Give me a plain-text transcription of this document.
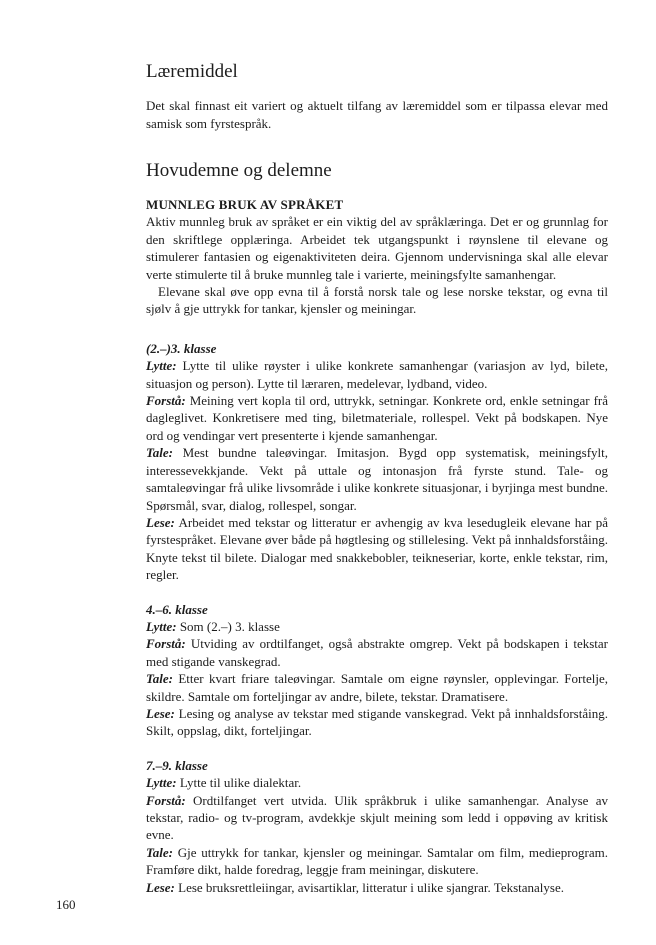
Læremiddel

Det skal finnast eit variert og aktuelt tilfang av læremiddel som er tilpassa elevar med samisk som fyrstespråk.

Hovudemne og delemne
MUNNLEG BRUK AV SPRÅKET

Aktiv munnleg bruk av språket er ein viktig del av språklæringa. Det er og grunnlag for den skriftlege opplæringa. Arbeidet tek utgangspunkt i røynslene til elevane og stimulerer fantasien og eigenaktiviteten deira. Gjennom undervisninga skal alle elevar verte stimulerte til å bruke munnleg tale i varierte, meiningsfylte samanhengar.

Elevane skal øve opp evna til å forstå norsk tale og lese norske tekstar, og evna til sjølv å gje uttrykk for tankar, kjensler og meiningar.

(2.–)3. klasse

Lytte: Lytte til ulike røyster i ulike konkrete samanhengar (variasjon av lyd, bilete, situasjon og person). Lytte til læraren, medelevar, lydband, video.

Forstå: Meining vert kopla til ord, uttrykk, setningar. Konkrete ord, enkle setningar frå dagleglivet. Konkretisere med ting, biletmateriale, rollespel. Vekt på bodskapen. Nye ord og vendingar vert presenterte i kjende samanhengar.

Tale: Mest bundne taleøvingar. Imitasjon. Bygd opp systematisk, meiningsfylt, interessevekkjande. Vekt på uttale og intonasjon frå fyrste stund. Tale- og samtaleøvingar frå ulike livsområde i ulike konkrete situasjonar, i byrjinga mest bundne. Spørsmål, svar, dialog, rollespel, songar.

Lese: Arbeidet med tekstar og litteratur er avhengig av kva lesedugleik elevane har på fyrstespråket. Elevane øver både på høgtlesing og stillelesing. Vekt på innhaldsforståing. Knyte tekst til bilete. Dialogar med snakkebobler, teikneseriar, korte, enkle tekstar, rim, regler.

4.–6. klasse

Lytte: Som (2.–) 3. klasse

Forstå: Utviding av ordtilfanget, også abstrakte omgrep. Vekt på bodskapen i tekstar med stigande vanskegrad.

Tale: Etter kvart friare taleøvingar. Samtale om eigne røynsler, opplevingar. Fortelje, skildre. Samtale om forteljingar av andre, bilete, tekstar. Dramatisere.

Lese: Lesing og analyse av tekstar med stigande vanskegrad. Vekt på innhaldsforståing. Skilt, oppslag, dikt, forteljingar.

7.–9. klasse

Lytte: Lytte til ulike dialektar.

Forstå: Ordtilfanget vert utvida. Ulik språkbruk i ulike samanhengar. Analyse av tekstar, radio- og tv-program, avdekkje skjult meining som ledd i oppøving av kritisk evne.

Tale: Gje uttrykk for tankar, kjensler og meiningar. Samtalar om film, medieprogram. Framføre dikt, halde foredrag, leggje fram meiningar, diskutere.

Lese: Lese bruksrettleiingar, avisartiklar, litteratur i ulike sjangrar. Tekstanalyse.

160
